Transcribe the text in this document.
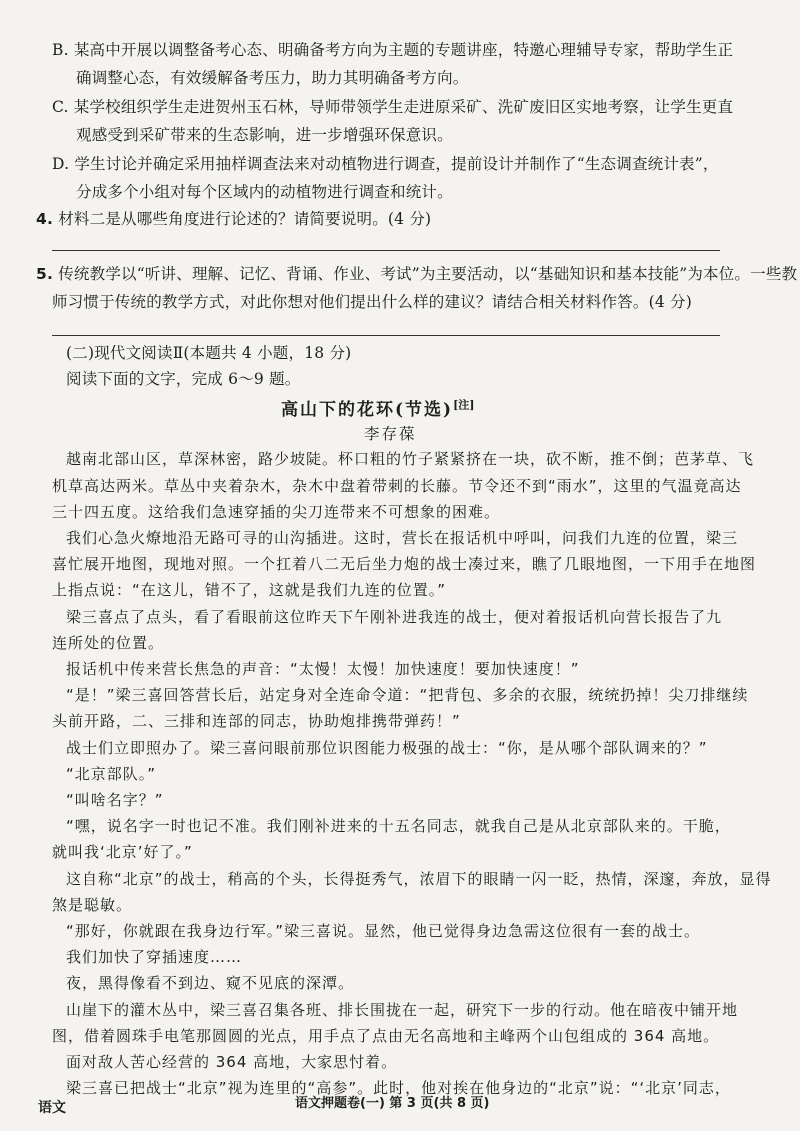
B. 某高中开展以调整备考心态、明确备考方向为主题的专题讲座，特邀心理辅导专家，帮助学生正
确调整心态，有效缓解备考压力，助力其明确备考方向。
C. 某学校组织学生走进贺州玉石林，导师带领学生走进原采矿、洗矿废旧区实地考察，让学生更直
观感受到采矿带来的生态影响，进一步增强环保意识。
D. 学生讨论并确定采用抽样调查法来对动植物进行调查，提前设计并制作了“生态调查统计表”，
分成多个小组对每个区域内的动植物进行调查和统计。
4. 材料二是从哪些角度进行论述的？请简要说明。(4 分)
5. 传统教学以“听讲、理解、记忆、背诵、作业、考试”为主要活动，以“基础知识和基本技能”为本位。一些教
师习惯于传统的教学方式，对此你想对他们提出什么样的建议？请结合相关材料作答。(4 分)
(二)现代文阅读Ⅱ(本题共 4 小题，18 分)
阅读下面的文字，完成 6～9 题。
高山下的花环(节选)[注]
李存葆
越南北部山区，草深林密，路少坡陡。杯口粗的竹子紧紧挤在一块，砍不断，推不倒；芭茅草、飞
机草高达两米。草丛中夹着杂木，杂木中盘着带刺的长藤。节令还不到“雨水”，这里的气温竟高达
三十四五度。这给我们急速穿插的尖刀连带来不可想象的困难。
我们心急火燎地沿无路可寻的山沟插进。这时，营长在报话机中呼叫，问我们九连的位置，梁三
喜忙展开地图，现地对照。一个扛着八二无后坐力炮的战士凑过来，瞧了几眼地图，一下用手在地图
上指点说：“在这儿，错不了，这就是我们九连的位置。”
梁三喜点了点头，看了看眼前这位昨天下午刚补进我连的战士，便对着报话机向营长报告了九
连所处的位置。
报话机中传来营长焦急的声音：“太慢！太慢！加快速度！要加快速度！”
“是！”梁三喜回答营长后，站定身对全连命令道：“把背包、多余的衣服，统统扔掉！尖刀排继续
头前开路，二、三排和连部的同志，协助炮排携带弹药！”
战士们立即照办了。梁三喜问眼前那位识图能力极强的战士：“你，是从哪个部队调来的？”
“北京部队。”
“叫啥名字？”
“嘿，说名字一时也记不准。我们刚补进来的十五名同志，就我自己是从北京部队来的。干脆，
就叫我‘北京’好了。”
这自称“北京”的战士，稍高的个头，长得挺秀气，浓眉下的眼睛一闪一眨，热情，深邃，奔放，显得
煞是聪敏。
“那好，你就跟在我身边行军。”梁三喜说。显然，他已觉得身边急需这位很有一套的战士。
我们加快了穿插速度……
夜，黑得像看不到边、窥不见底的深潭。
山崖下的灌木丛中，梁三喜召集各班、排长围拢在一起，研究下一步的行动。他在暗夜中铺开地
图，借着圆珠手电笔那圆圆的光点，用手点了点由无名高地和主峰两个山包组成的 364 高地。
面对敌人苦心经营的 364 高地，大家思忖着。
梁三喜已把战士“北京”视为连里的“高参”。此时，他对挨在他身边的“北京”说：“‘北京’同志，
语文	语文押题卷(一) 第 3 页(共 8 页)
